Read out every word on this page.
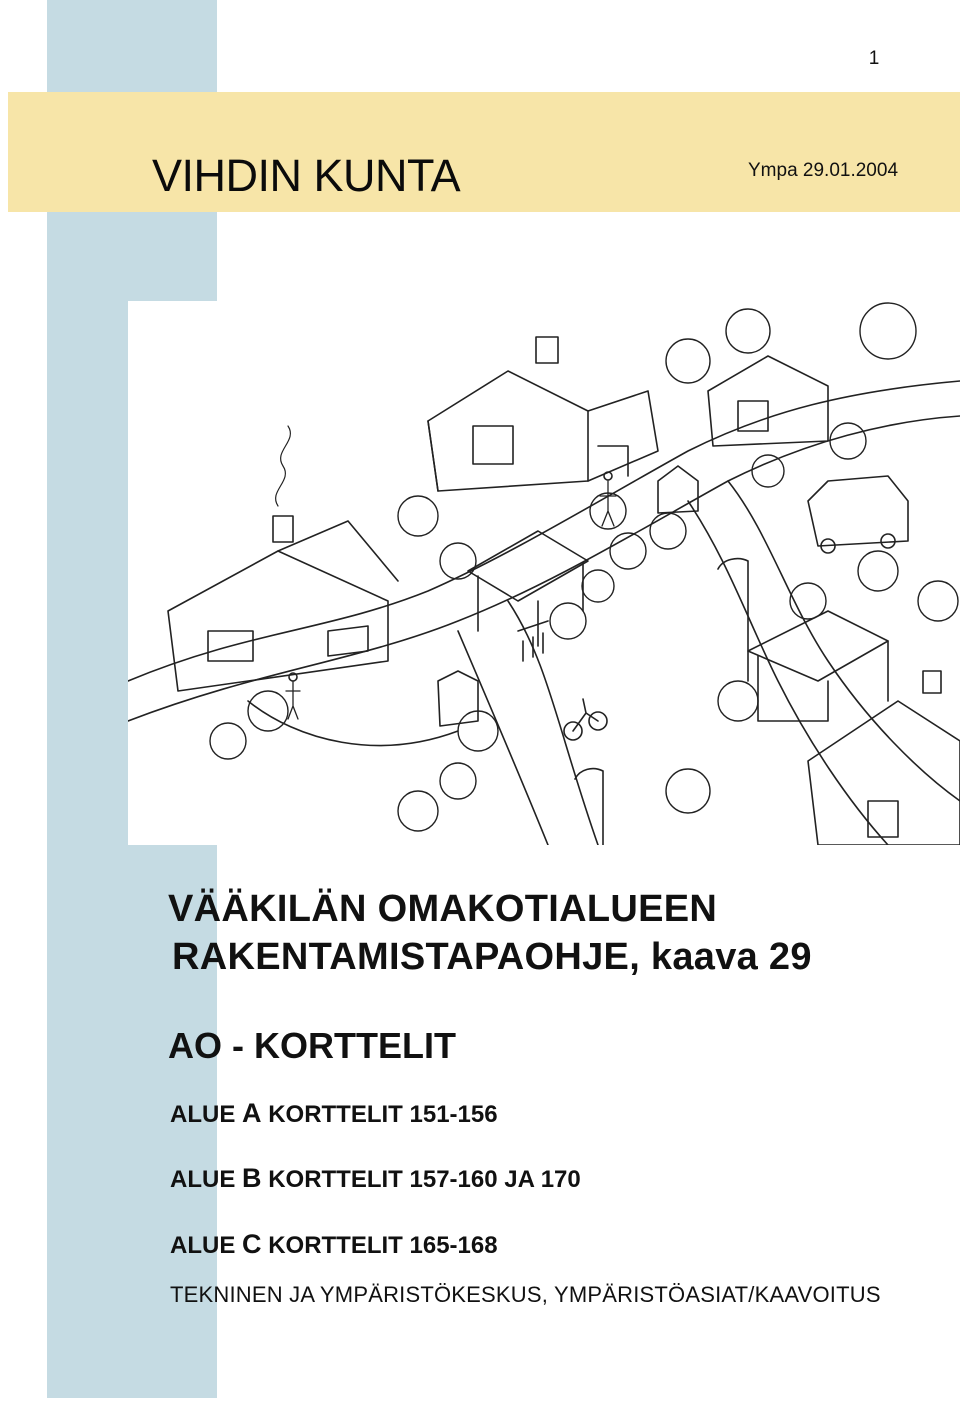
1
VIHDIN KUNTA	Ympa 29.01.2004
VÄÄKILÄN OMAKOTIALUEEN
RAKENTAMISTAPAOHJE, kaava 29
AO - KORTTELIT
ALUE A KORTTELIT 151-156
ALUE B KORTTELIT 157-160 JA 170
ALUE C KORTTELIT 165-168
TEKNINEN JA YMPÄRISTÖKESKUS, YMPÄRISTÖASIAT/KAAVOITUS
